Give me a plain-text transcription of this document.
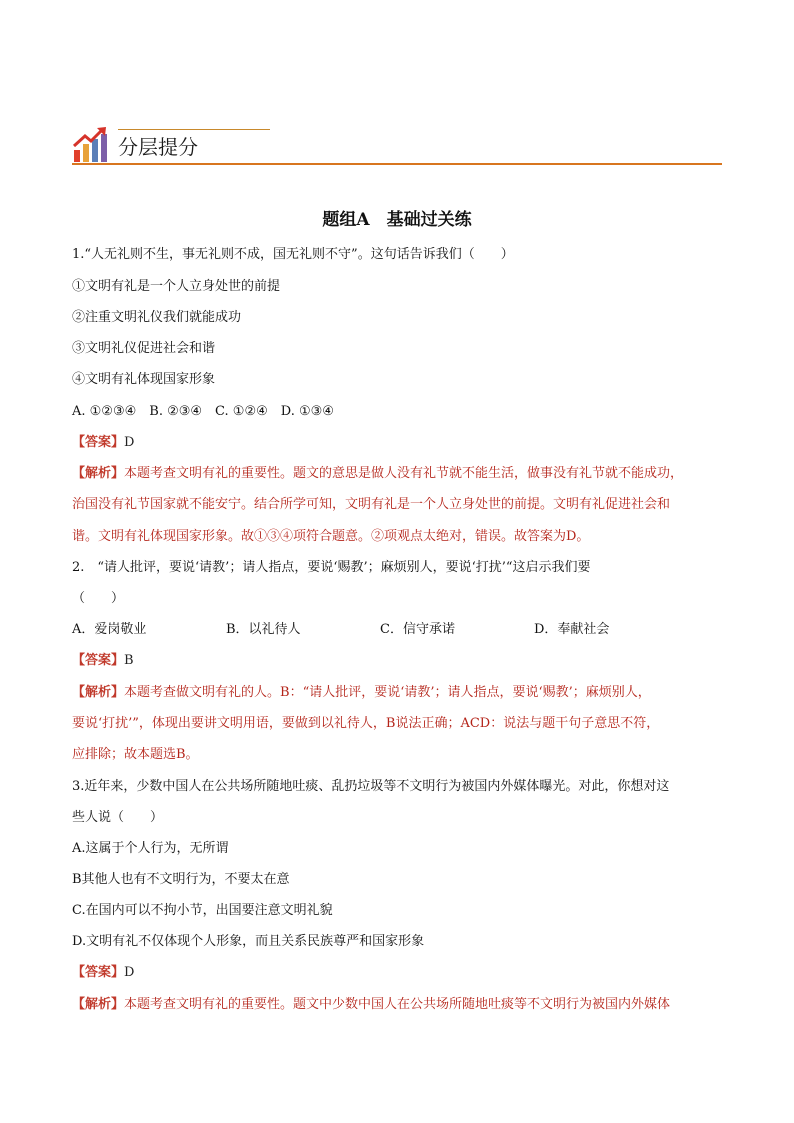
分层提分
题组A　基础过关练
1.“人无礼则不生，事无礼则不成，国无礼则不守”。这句话告诉我们（　　）
①文明有礼是一个人立身处世的前提
②注重文明礼仪我们就能成功
③文明礼仪促进社会和谐
④文明有礼体现国家形象
A. ①②③④　B. ②③④　C. ①②④　D. ①③④
【答案】D
【解析】本题考查文明有礼的重要性。题文的意思是做人没有礼节就不能生活，做事没有礼节就不能成功，
治国没有礼节国家就不能安宁。结合所学可知，文明有礼是一个人立身处世的前提。文明有礼促进社会和
谐。文明有礼体现国家形象。故①③④项符合题意。②项观点太绝对，错误。故答案为D。
2.　“请人批评，要说‘请教’；请人指点，要说‘赐教’；麻烦别人，要说‘打扰’“这启示我们要
（　　）
A．爱岗敬业	B．以礼待人	C．信守承诺	D．奉献社会
【答案】B
【解析】本题考查做文明有礼的人。B：“请人批评，要说‘请教’；请人指点，要说‘赐教’；麻烦别人，
要说‘打扰’”，体现出要讲文明用语，要做到以礼待人，B说法正确；ACD：说法与题干句子意思不符，
应排除；故本题选B。
3.近年来，少数中国人在公共场所随地吐痰、乱扔垃圾等不文明行为被国内外媒体曝光。对此，你想对这
些人说（　　）
A.这属于个人行为，无所谓
B其他人也有不文明行为，不要太在意
C.在国内可以不拘小节，出国要注意文明礼貌
D.文明有礼不仅体现个人形象，而且关系民族尊严和国家形象
【答案】D
【解析】本题考查文明有礼的重要性。题文中少数中国人在公共场所随地吐痰等不文明行为被国内外媒体
